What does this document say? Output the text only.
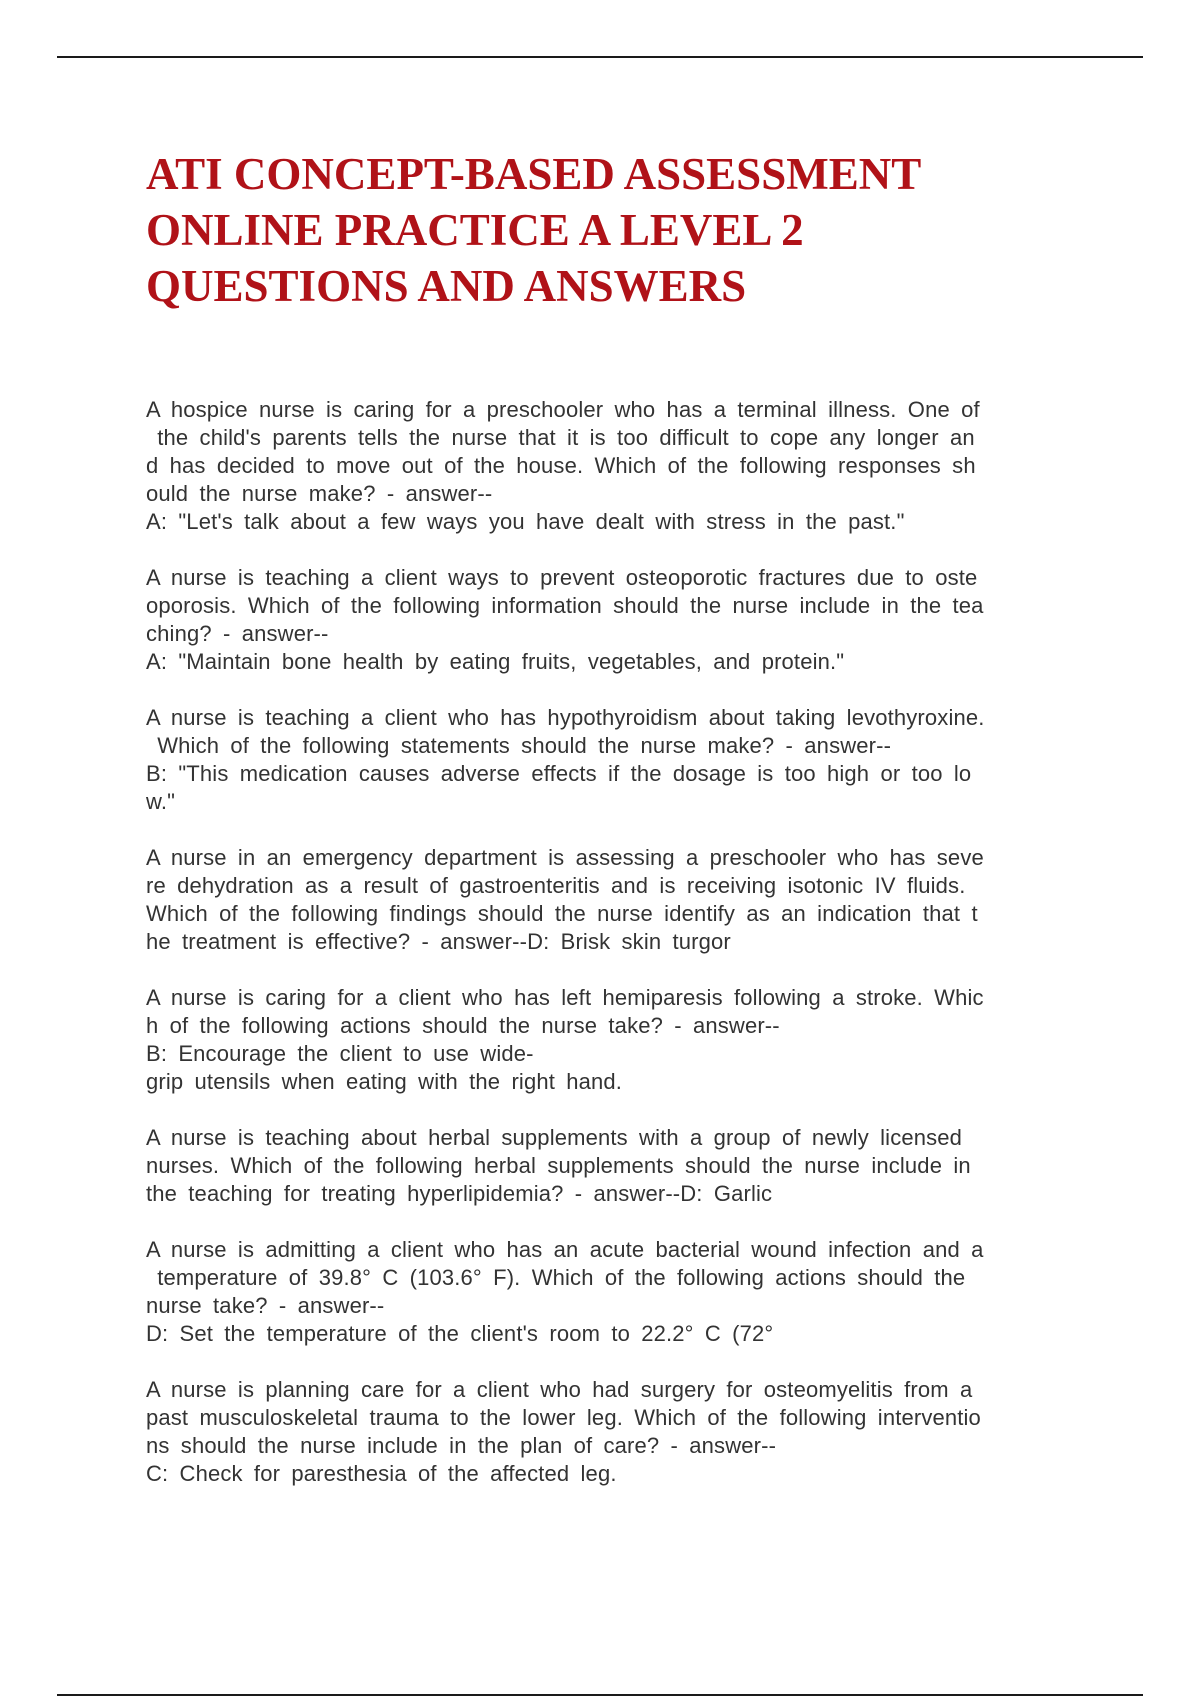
ATI CONCEPT-BASED ASSESSMENT
ONLINE PRACTICE A LEVEL 2
QUESTIONS AND ANSWERS
A hospice nurse is caring for a preschooler who has a terminal illness. One of
the child's parents tells the nurse that it is too difficult to cope any longer an
d has decided to move out of the house. Which of the following responses sh
ould the nurse make? - answer--
A: "Let's talk about a few ways you have dealt with stress in the past."
A nurse is teaching a client ways to prevent osteoporotic fractures due to oste
oporosis. Which of the following information should the nurse include in the tea
ching? - answer--
A: "Maintain bone health by eating fruits, vegetables, and protein."
A nurse is teaching a client who has hypothyroidism about taking levothyroxine.
Which of the following statements should the nurse make? - answer--
B: "This medication causes adverse effects if the dosage is too high or too lo
w."
A nurse in an emergency department is assessing a preschooler who has seve
re dehydration as a result of gastroenteritis and is receiving isotonic IV fluids.
Which of the following findings should the nurse identify as an indication that t
he treatment is effective? - answer--D: Brisk skin turgor
A nurse is caring for a client who has left hemiparesis following a stroke. Whic
h of the following actions should the nurse take? - answer--
B: Encourage the client to use wide-
grip utensils when eating with the right hand.
A nurse is teaching about herbal supplements with a group of newly licensed
nurses. Which of the following herbal supplements should the nurse include in
the teaching for treating hyperlipidemia? - answer--D: Garlic
A nurse is admitting a client who has an acute bacterial wound infection and a
temperature of 39.8° C (103.6° F). Which of the following actions should the
nurse take? - answer--
D: Set the temperature of the client's room to 22.2° C (72°
A nurse is planning care for a client who had surgery for osteomyelitis from a
past musculoskeletal trauma to the lower leg. Which of the following interventio
ns should the nurse include in the plan of care? - answer--
C: Check for paresthesia of the affected leg.
